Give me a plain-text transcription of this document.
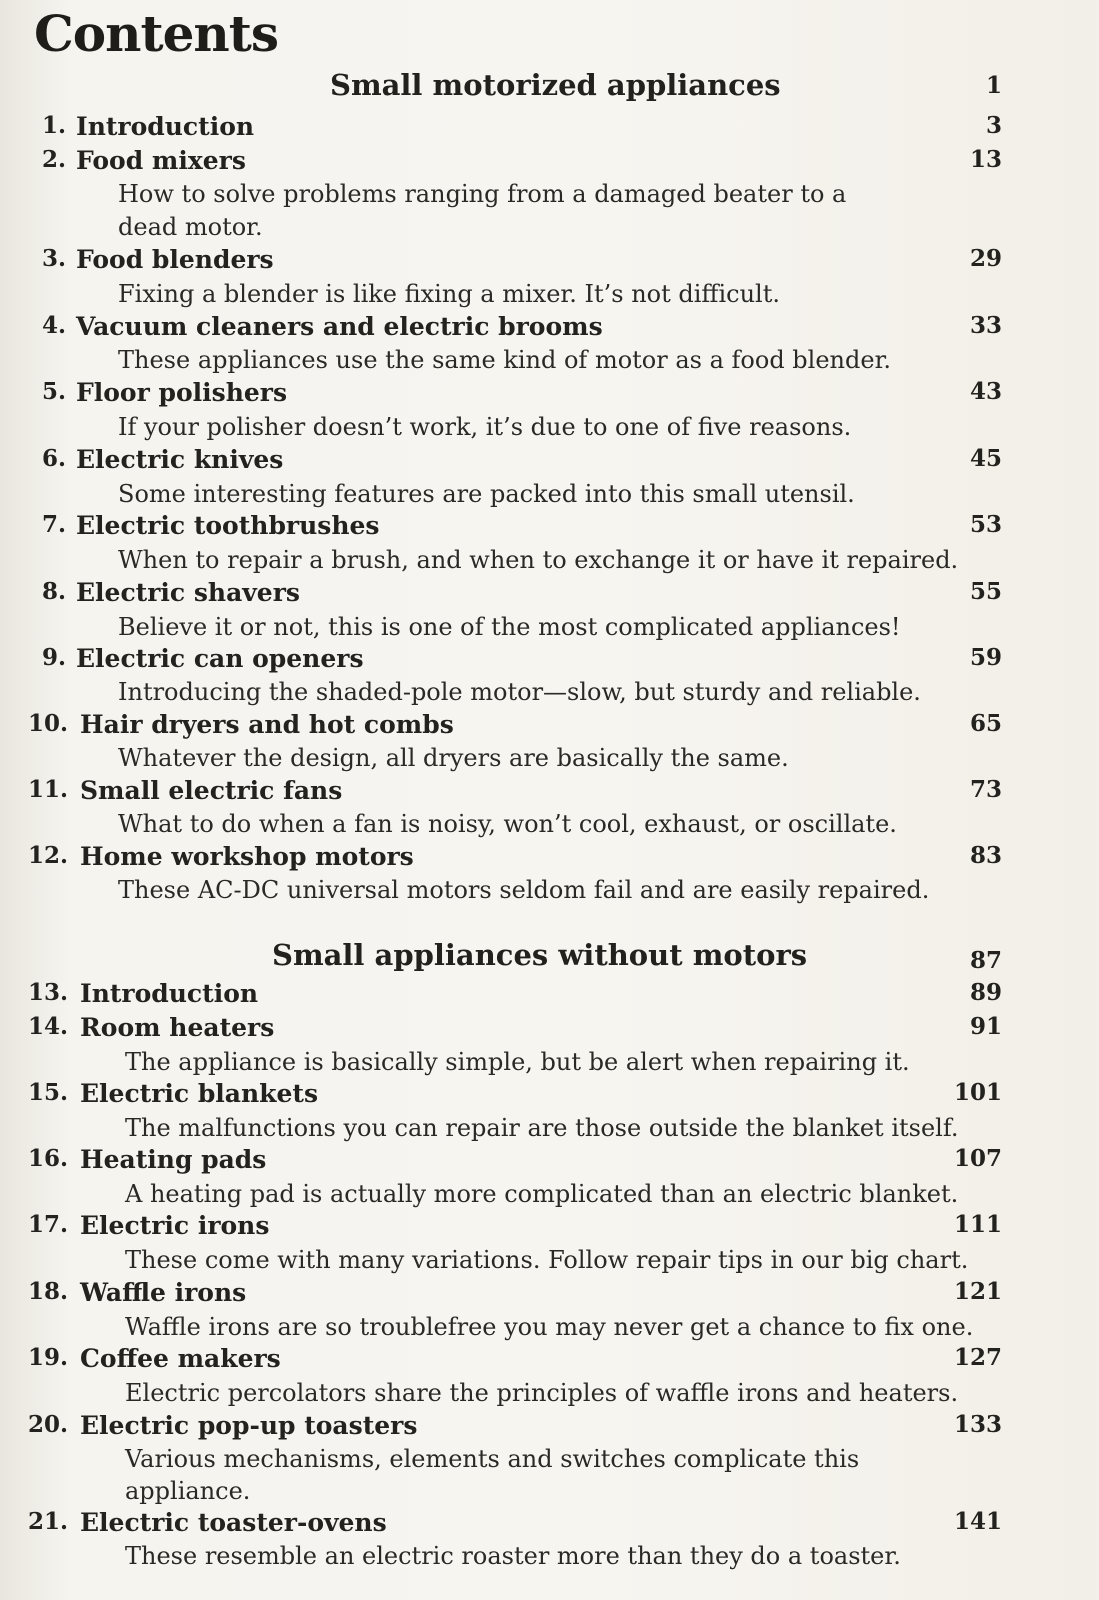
Contents
Small motorized appliances	1
1. Introduction	3
2. Food mixers	13
How to solve problems ranging from a damaged beater to a
dead motor.
3. Food blenders	29
Fixing a blender is like fixing a mixer. It’s not difficult.
4. Vacuum cleaners and electric brooms	33
These appliances use the same kind of motor as a food blender.
5. Floor polishers	43
If your polisher doesn’t work, it’s due to one of five reasons.
6. Electric knives	45
Some interesting features are packed into this small utensil.
7. Electric toothbrushes	53
When to repair a brush, and when to exchange it or have it repaired.
8. Electric shavers	55
Believe it or not, this is one of the most complicated appliances!
9. Electric can openers	59
Introducing the shaded-pole motor—slow, but sturdy and reliable.
10. Hair dryers and hot combs	65
Whatever the design, all dryers are basically the same.
11. Small electric fans	73
What to do when a fan is noisy, won’t cool, exhaust, or oscillate.
12. Home workshop motors	83
These AC-DC universal motors seldom fail and are easily repaired.
Small appliances without motors	87
13. Introduction	89
14. Room heaters	91
The appliance is basically simple, but be alert when repairing it.
15. Electric blankets	101
The malfunctions you can repair are those outside the blanket itself.
16. Heating pads	107
A heating pad is actually more complicated than an electric blanket.
17. Electric irons	111
These come with many variations. Follow repair tips in our big chart.
18. Waffle irons	121
Waffle irons are so troublefree you may never get a chance to fix one.
19. Coffee makers	127
Electric percolators share the principles of waffle irons and heaters.
20. Electric pop-up toasters	133
Various mechanisms, elements and switches complicate this
appliance.
21. Electric toaster-ovens	141
These resemble an electric roaster more than they do a toaster.
